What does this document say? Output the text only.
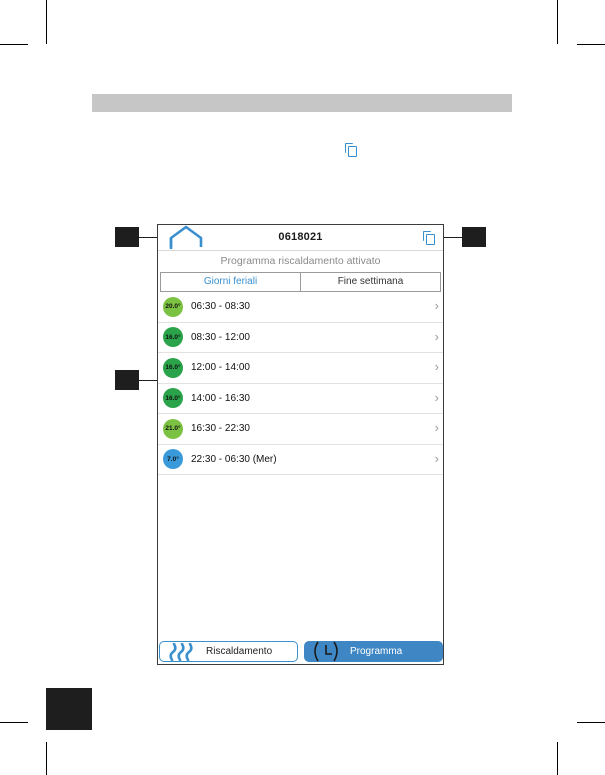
0618021
Programma riscaldamento attivato
Giorni feriali	Fine settimana
20.0° 06:30 - 08:30	›
16.0° 08:30 - 12:00	›
16.0° 12:00 - 14:00	›
16.0° 14:00 - 16:30	›
21.0° 16:30 - 22:30	›
7.0°	22:30 - 06:30 (Mer)	›
Riscaldamento	Programma
